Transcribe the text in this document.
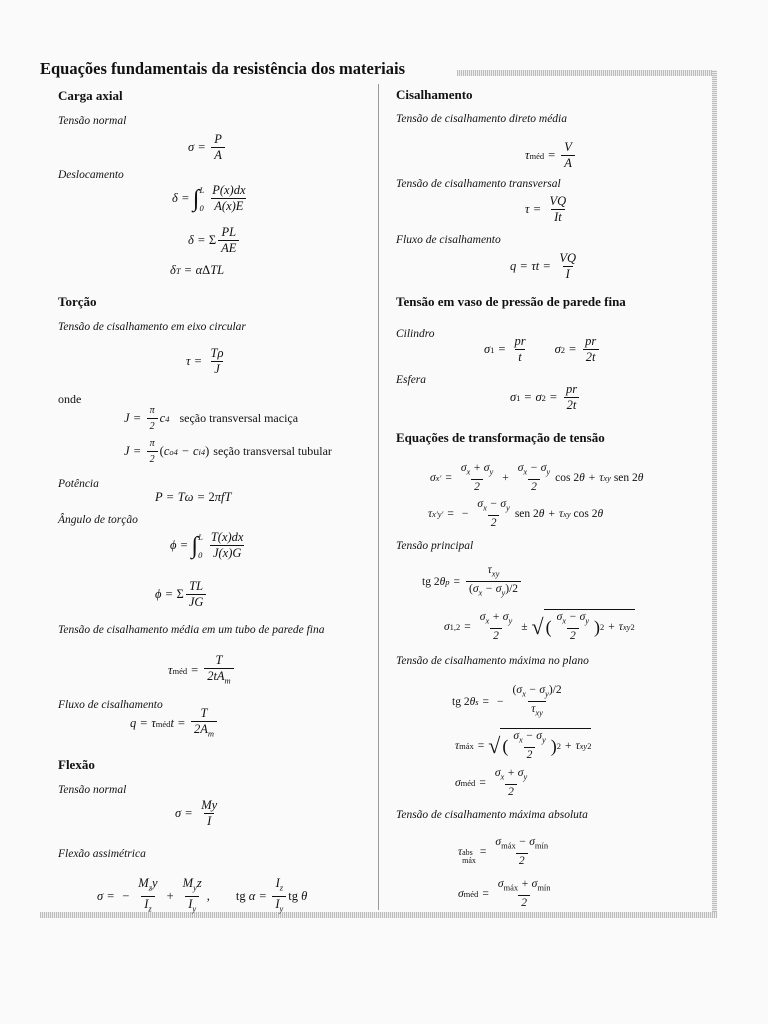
Equações fundamentais da resistência dos materiais
Carga axial
Tensão normal
$\sigma = \frac{P}{A}$
Deslocamento
δ = ∫ L
$0 \frac{P(x)dx}{A(x)E}$
δ = Σ $\frac{PL}{AE}$
δ T = α Δ TL
Torção
Tensão de cisalhamento em eixo circular
$\tau = \frac{T\rho}{J}$
onde
$J = \frac{\pi}{2}$ c 4 seção transversal maciça
$J = \frac{\pi}{2}$ ( c o 4 − c i 4 ) seção transversal tubular
Potência
P = Tω = 2 πfT
Ângulo de torção
ϕ = ∫ L
$0 \frac{T(x)dx}{J(x)G}$
ϕ = Σ $\frac{TL}{JG}$
Tensão de cisalhamento média em um tubo de parede fina
τ méd = $\frac{T}{2tA_m}$
Fluxo de cisalhamento
q = τ méd $t = \frac{T}{2A_m}$
Flexão
Tensão normal
$\sigma = \frac{My}{I}$
Flexão assimétrica
σ = − $\frac{M_zy}{I_z} + \frac{M_yz}{I_y}$ , tg $\alpha = \frac{I_z}{I_y}$ tg θ
Cisalhamento
Tensão de cisalhamento direto média
τ méd = $\frac{V}{A}$
Tensão de cisalhamento transversal
$\tau = \frac{VQ}{It}$
Fluxo de cisalhamento
$q = \tau t = \frac{VQ}{I}$
Tensão em vaso de pressão de parede fina
Cilindro
σ $1 = \frac{pr}{t}$ σ $2 = \frac{pr}{2t}$
Esfera
σ 1 = σ $2 = \frac{pr}{2t}$
Equações de transformação de tensão
σ $x' = \frac{\sigma_x + \sigma_y}{2} + \frac{\sigma_x - \sigma_y}{2}$ cos 2 θ + τ xy
sen 2 θ
τ x′y′ = − $\frac{\sigma_x - \sigma_y}{2}$ sen 2 θ + τ xy
cos 2 θ
Tensão principal
tg 2 θ $p = \frac{\tau_{xy}}{(\sigma_x - \sigma_y)/2}$
σ $1,2 = \frac{\sigma_x + \sigma_y}{2}$ ± √ ( $\frac{\sigma_x - \sigma_y}{2}$ ) 2 + τ xy 2
Tensão de cisalhamento máxima no plano
tg 2 θ s = − $\frac{(\sigma_x - \sigma_y)/2}{\tau_{xy}}$
τ máx = √ ( $\frac{\sigma_x - \sigma_y}{2}$ ) 2 + τ xy 2
σ méd = $\frac{\sigma_x + \sigma_y}{2}$
Tensão de cisalhamento máxima absoluta
τ abs
máx
= $\frac{\sigma_{máx} - \sigma_{mín}}{2}$
σ méd = $\frac{\sigma_{máx} + \sigma_{mín}}{2}$
